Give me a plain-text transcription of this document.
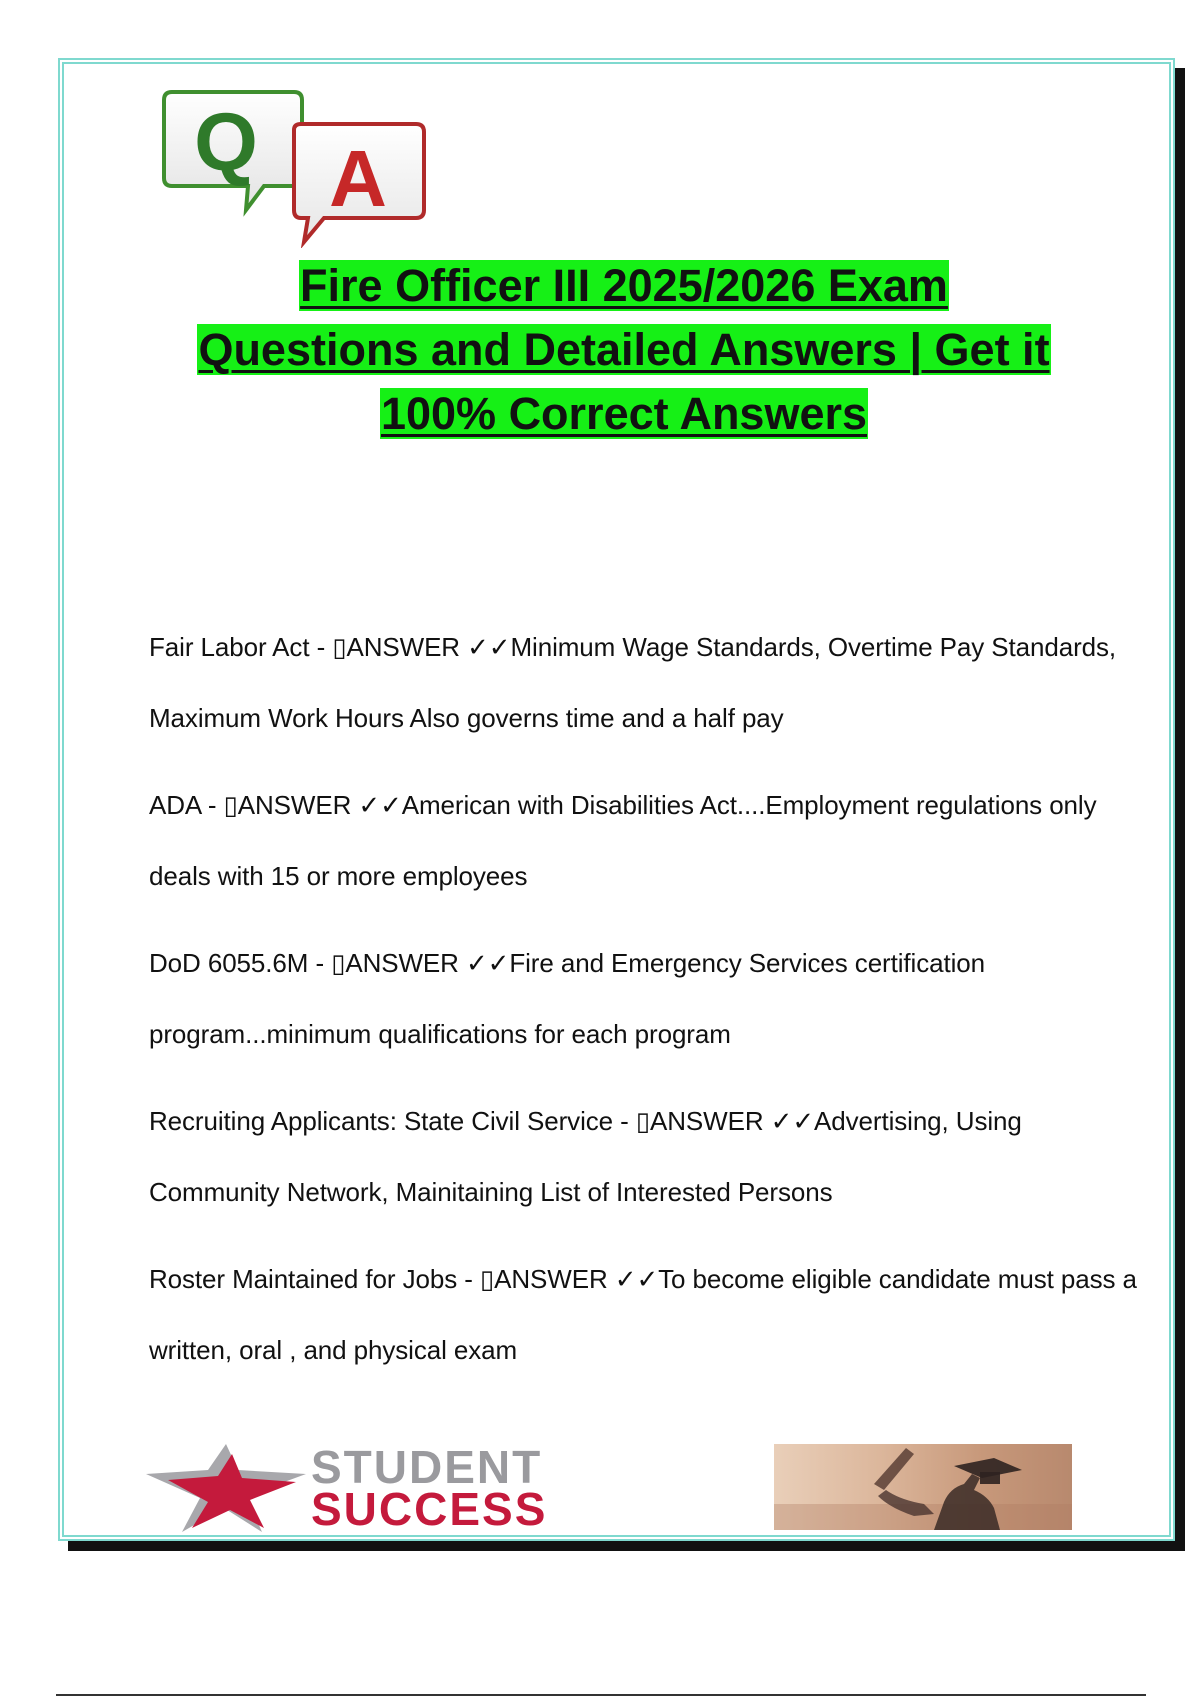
Q A
Fire Officer III 2025/2026 Exam
Questions and Detailed Answers | Get it
100% Correct Answers

Fair Labor Act - ▯ANSWER ✓✓Minimum Wage Standards, Overtime Pay Standards, Maximum Work Hours Also governs time and a half pay

ADA - ▯ANSWER ✓✓American with Disabilities Act....Employment regulations only deals with 15 or more employees

DoD 6055.6M - ▯ANSWER ✓✓Fire and Emergency Services certification program...minimum qualifications for each program

Recruiting Applicants: State Civil Service - ▯ANSWER ✓✓Advertising, Using Community Network, Mainitaining List of Interested Persons

Roster Maintained for Jobs - ▯ANSWER ✓✓To become eligible candidate must pass a written, oral , and physical exam

STUDENT
SUCCESS
